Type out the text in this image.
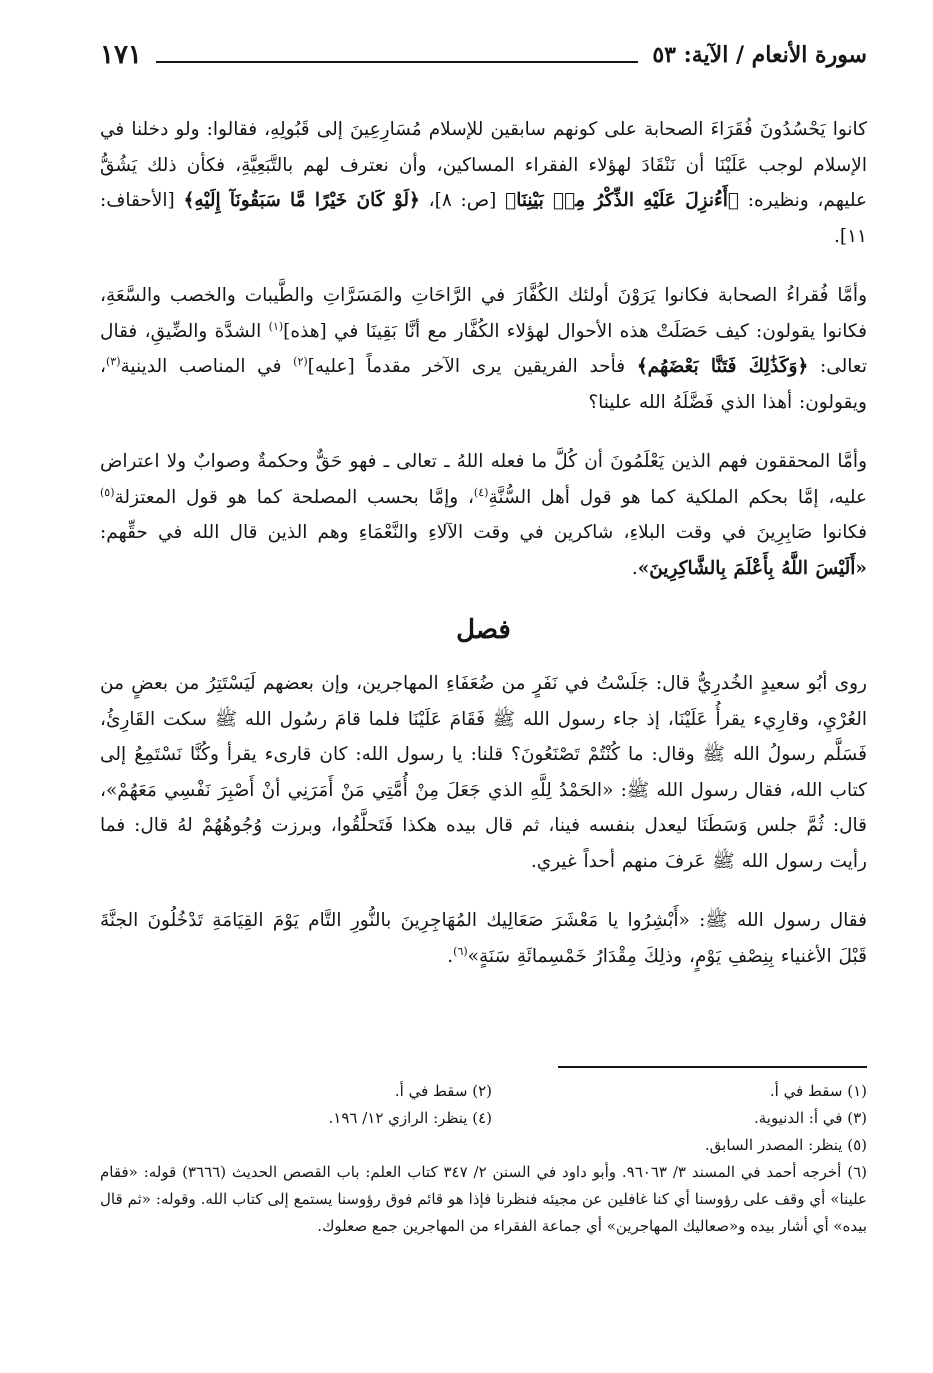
سورة الأنعام / الآية: ٥٣
١٧١

كانوا يَحْسُدُونَ فُقَرَاءَ الصحابة على كونهم سابقين للإسلام مُسَارِعِينَ إلى قَبُولِهِ، فقالوا: ولو دخلنا في الإسلام لوجب عَلَيْنَا أن نَنْقَادَ لهؤلاء الفقراء المساكين، وأن نعترف لهم بالتَّبَعِيَّةِ، فكأن ذلك يَشُقُّ عليهم، ونظيره: ﴿أَءُنزِلَ عَلَيْهِ الذِّكْرُ مِنۢ بَيْنِنَا﴾ [ص: ٨]، ﴿لَوْ كَانَ خَيْرًا مَّا سَبَقُونَآ إِلَيْهِ﴾ [الأحقاف: ١١].

وأمَّا فُقراءُ الصحابة فكانوا يَرَوْنَ أولئك الكُفَّارَ في الرَّاحَاتِ والمَسَرَّاتِ والطَّيبات والخصب والسَّعَةِ، فكانوا يقولون: كيف حَصَلَتْ هذه الأحوال لهؤلاء الكُفَّار مع أنَّا بَقِينَا في [هذه]$^{(١)}$ الشدَّة والضِّيقِ، فقال تعالى: ﴿وَكَذَٰلِكَ فَتَنَّا بَعْضَهُم﴾ فأحد الفريقين يرى الآخر مقدماً [عليه]$^{(٢)}$ في المناصب الدينية$^{(٣)}$، ويقولون: أهذا الذي فَضَّلَهُ الله علينا؟

وأمَّا المحققون فهم الذين يَعْلَمُونَ أن كُلَّ ما فعله اللهُ ـ تعالى ـ فهو حَقٌّ وحكمةٌ وصوابٌ ولا اعتراض عليه، إمَّا بحكم الملكية كما هو قول أهل السُّنَّةِ$^{(٤)}$، وإمَّا بحسب المصلحة كما هو قول المعتزلة$^{(٥)}$ فكانوا صَابِرِينَ في وقت البلاءِ، شاكرين في وقت الآلاءِ والنَّعْمَاءِ وهم الذين قال الله في حقِّهم: «أَلَيْسَ اللَّهُ بِأَعْلَمَ بِالشَّاكِرِينَ».

فصل

روى أبُو سعيدٍ الخُدرِيُّ قال: جَلَسْتُ في نَفَرٍ من ضُعَفَاءِ المهاجرين، وإن بعضهم لَيَسْتَتِرُ من بعضٍ من العُرْيِ، وقارِيء يقرأُ عَلَيْنَا، إذ جاء رسول الله ﷺ فَقَامَ عَلَيْنَا فلما قامَ رسُول الله ﷺ سكت القَارِئُ، فَسَلَّم رسولُ الله ﷺ وقال: ما كُنْتُمْ تَصْنَعُونَ؟ قلنا: يا رسول الله: كان قارىء يقرأ وكُنَّا نَسْتَمِعُ إلى كتاب الله، فقال رسول الله ﷺ: «الحَمْدُ لِلَّهِ الذي جَعَلَ مِنْ أُمَّتِي مَنْ أَمَرَنِي أنْ أَصْبِرَ نَفْسِي مَعَهُمْ»، قال: ثُمَّ جلس وَسَطَنَا ليعدل بنفسه فينا، ثم قال بيده هكذا فَتَحلَّقُوا، وبرزت وُجُوهُهُمْ لهُ قال: فما رأيت رسول الله ﷺ عَرفَ منهم أحداً غيري.

فقال رسول الله ﷺ: «أَبْشِرُوا يا مَعْشَرَ صَعَالِيك المُهَاجِرِينَ بالنُّورِ التَّام يَوْمَ القِيَامَةِ تَدْخُلُونَ الجنَّةَ قَبْلَ الأغنياء بِنِصْفِ يَوْمٍ، وذلِكَ مِقْدَارُ خَمْسِمائَةِ سَنَةٍ»$^{(٦)}$.

(١) سقط في أ.
(٢) سقط في أ.
(٣) في أ: الدنيوية.
(٤) ينظر: الرازي ١٢/ ١٩٦.
(٥) ينظر: المصدر السابق.
(٦) أخرجه أحمد في المسند ٣/ ٩٦٠٦٣. وأبو داود في السنن ٢/ ٣٤٧ كتاب العلم: باب القصص الحديث (٣٦٦٦) قوله: «فقام علينا» أي وقف على رؤوسنا أي كنا غافلين عن مجيئه فنظرنا فإذا هو قائم فوق رؤوسنا يستمع إلى كتاب الله. وقوله: «ثم قال بيده» أي أشار بيده و«صعاليك المهاجرين» أي جماعة الفقراء من المهاجرين جمع صعلوك.
